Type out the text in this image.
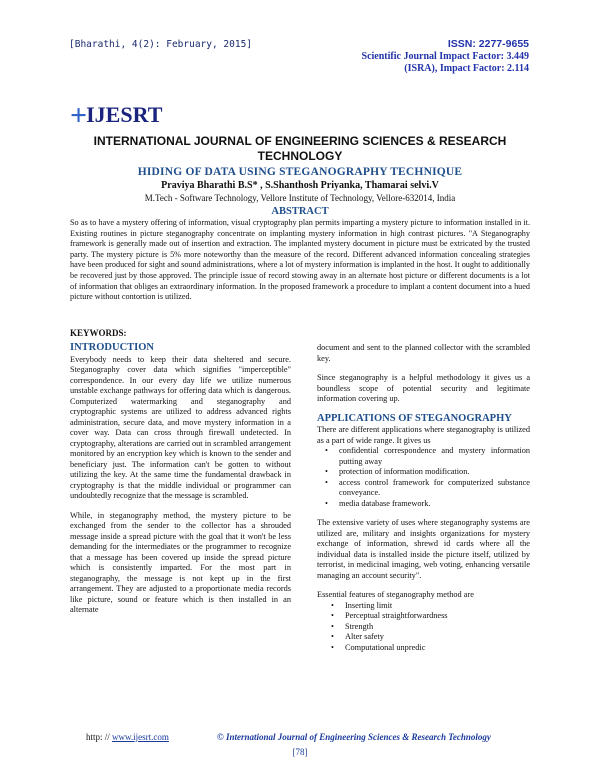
[Bharathi, 4(2): February, 2015]	ISSN: 2277-9655
Scientific Journal Impact Factor: 3.449
(ISRA), Impact Factor: 2.114
+IJESRT
INTERNATIONAL JOURNAL OF ENGINEERING SCIENCES & RESEARCH TECHNOLOGY
HIDING OF DATA USING STEGANOGRAPHY TECHNIQUE
Praviya Bharathi B.S* , S.Shanthosh Priyanka, Thamarai selvi.V
M.Tech - Software Technology, Vellore Institute of Technology, Vellore-632014, India
ABSTRACT
So as to have a mystery offering of information, visual cryptography plan permits imparting a mystery picture to information installed in it. Existing routines in picture steganography concentrate on implanting mystery information in high contrast pictures. "A Steganography framework is generally made out of insertion and extraction. The implanted mystery document in picture must be extricated by the trusted party. The mystery picture is 5% more noteworthy than the measure of the record. Different advanced information concealing strategies have been produced for sight and sound administrations, where a lot of mystery information is implanted in the host. It ought to additionally be recovered just by those approved. The principle issue of record stowing away in an alternate host picture or different documents is a lot of information that obliges an extraordinary information. In the proposed framework a procedure to implant a content document into a hued picture without contortion is utilized.
KEYWORDS:
INTRODUCTION

Everybody needs to keep their data sheltered and secure. Steganography cover data which signifies "imperceptible" correspondence. In our every day life we utilize numerous unstable exchange pathways for offering data which is dangerous. Computerized watermarking and steganography and cryptographic systems are utilized to address advanced rights administration, secure data, and move mystery information in a cover way. Data can cross through firewall undetected. In cryptography, alterations are carried out in scrambled arrangement monitored by an encryption key which is known to the sender and beneficiary just. The information can't be gotten to without utilizing the key. At the same time the fundamental drawback in cryptography is that the middle individual or programmer can undoubtedly recognize that the message is scrambled.

While, in steganography method, the mystery picture to be exchanged from the sender to the collector has a shrouded message inside a spread picture with the goal that it won't be less demanding for the intermediates or the programmer to recognize that a message has been covered up inside the spread picture which is consistently imparted. For the most part in steganography, the message is not kept up in the first arrangement. They are adjusted to a proportionate media records like picture, sound or feature which is then installed in an alternate

document and sent to the planned collector with the scrambled key.

Since steganography is a helpful methodology it gives us a boundless scope of potential security and legitimate information covering up.

APPLICATIONS OF STEGANOGRAPHY

There are different applications where steganography is utilized as a part of wide range. It gives us

• confidential correspondence and mystery information putting away
• protection of information modification.
• access control framework for computerized substance conveyance.
• media database framework.

The extensive variety of uses where steganography systems are utilized are, military and insights organizations for mystery exchange of information, shrewd id cards where all the individual data is installed inside the picture itself, utilized by terrorist, in medicinal imaging, web voting, enhancing versatile managing an account security".

Essential features of steganography method are

• Inserting limit
• Perceptual straightforwardness
• Strength
• Alter safety
• Computational unpredic
http: // www.ijesrt.com	© International Journal of Engineering Sciences & Research Technology
[78]
